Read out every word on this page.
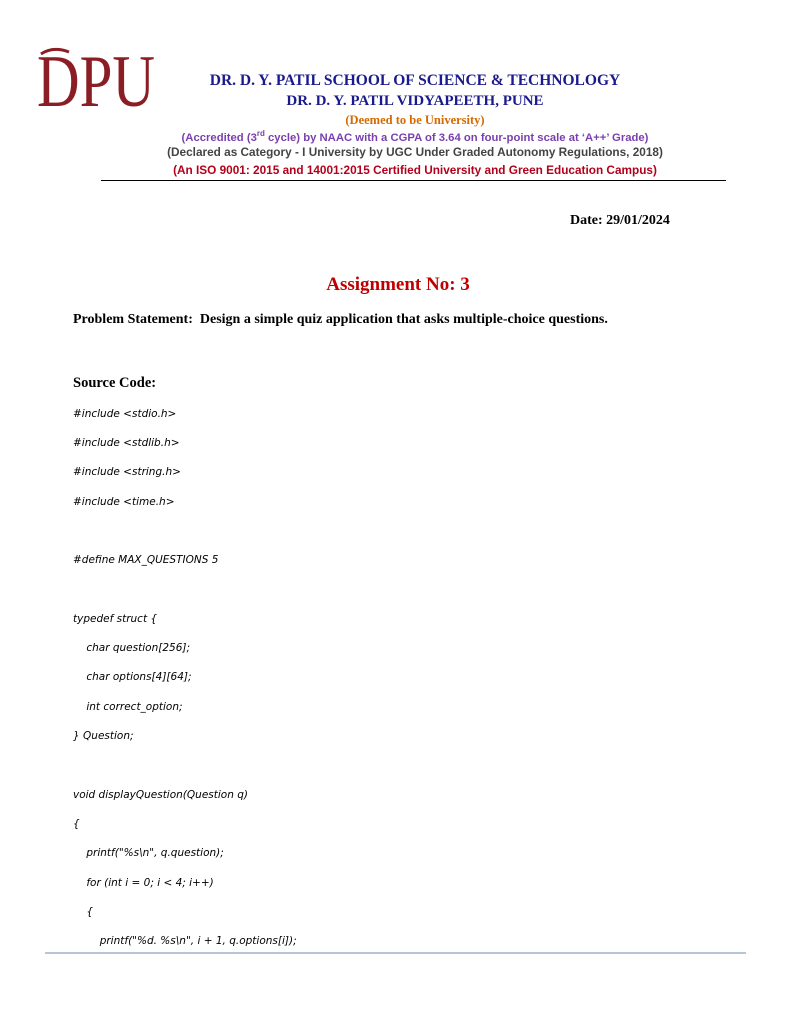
DPU	DR. D. Y. PATIL SCHOOL OF SCIENCE & TECHNOLOGY
DR. D. Y. PATIL VIDYAPEETH, PUNE
(Deemed to be University)
(Accredited (3rd cycle) by NAAC with a CGPA of 3.64 on four-point scale at ‘A++’ Grade)
(Declared as Category - I University by UGC Under Graded Autonomy Regulations, 2018)
(An ISO 9001: 2015 and 14001:2015 Certified University and Green Education Campus)
Date: 29/01/2024
Assignment No: 3
Problem Statement:  Design a simple quiz application that asks multiple-choice questions.
Source Code:
#include <stdio.h>
#include <stdlib.h>
#include <string.h>
#include <time.h>
#define MAX_QUESTIONS 5
typedef struct {
char question[256];
char options[4][64];
int correct_option;
} Question;
void displayQuestion(Question q)
{
printf("%s\n", q.question);
for (int i = 0; i < 4; i++)
{
printf("%d. %s\n", i + 1, q.options[i]);
